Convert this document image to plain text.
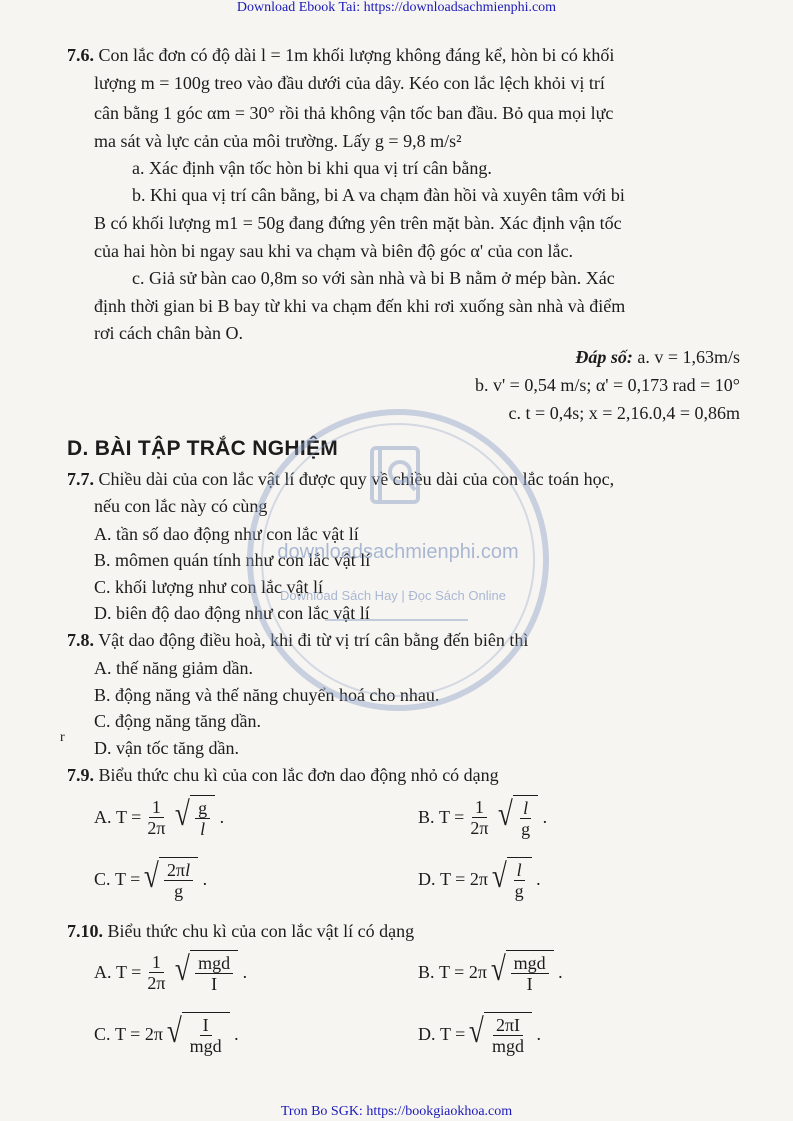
Download Ebook Tai: https://downloadsachmienphi.com
7.6. Con lắc đơn có độ dài l = 1m khối lượng không đáng kể, hòn bi có khối
lượng m = 100g treo vào đầu dưới của dây. Kéo con lắc lệch khỏi vị trí
cân bằng 1 góc αm = 30° rồi thả không vận tốc ban đầu. Bỏ qua mọi lực
ma sát và lực cản của môi trường. Lấy g = 9,8 m/s²
a. Xác định vận tốc hòn bi khi qua vị trí cân bằng.
b. Khi qua vị trí cân bằng, bi A va chạm đàn hồi và xuyên tâm với bi
B có khối lượng m1 = 50g đang đứng yên trên mặt bàn. Xác định vận tốc
của hai hòn bi ngay sau khi va chạm và biên độ góc α' của con lắc.
c. Giả sử bàn cao 0,8m so với sàn nhà và bi B nằm ở mép bàn. Xác
định thời gian bi B bay từ khi va chạm đến khi rơi xuống sàn nhà và điểm
rơi cách chân bàn O.
Đáp số: a. v = 1,63m/s
b. v' = 0,54 m/s; α' = 0,173 rad = 10°
c. t = 0,4s; x = 2,16.0,4 = 0,86m
D. BÀI TẬP TRẮC NGHIỆM
7.7. Chiều dài của con lắc vật lí được quy về chiều dài của con lắc toán học,
nếu con lắc này có cùng
A. tần số dao động như con lắc vật lí
B. mômen quán tính như con lắc vật lí
C. khối lượng như con lắc vật lí
D. biên độ dao động như con lắc vật lí
7.8. Vật dao động điều hoà, khi đi từ vị trí cân bằng đến biên thì
A. thế năng giảm dần.
B. động năng và thế năng chuyển hoá cho nhau.
C. động năng tăng dần.
D. vận tốc tăng dần.
7.9. Biểu thức chu kì của con lắc đơn dao động nhỏ có dạng
A. $T = \frac{1}{2\pi}$ √ $\frac{g}{l}$ .	B. $T = \frac{1}{2\pi}$ √ $\frac{l}{g}$ .
C. T = √ $\frac{2\pi l}{g}$ .	D. T = 2π √ $\frac{l}{g}$ .
7.10. Biểu thức chu kì của con lắc vật lí có dạng
A. $T = \frac{1}{2\pi}$ √ $\frac{\text{mgd}}{I}$ .	B. T = 2π √ $\frac{\text{mgd}}{I}$ .
C. T = 2π √ $\frac{I}{\text{mgd}}$ .	D. T = √ $\frac{2\pi I}{\text{mgd}}$ .
r
downloadsachmienphi.com
Download Sách Hay | Đọc Sách Online
Tron Bo SGK: https://bookgiaokhoa.com
